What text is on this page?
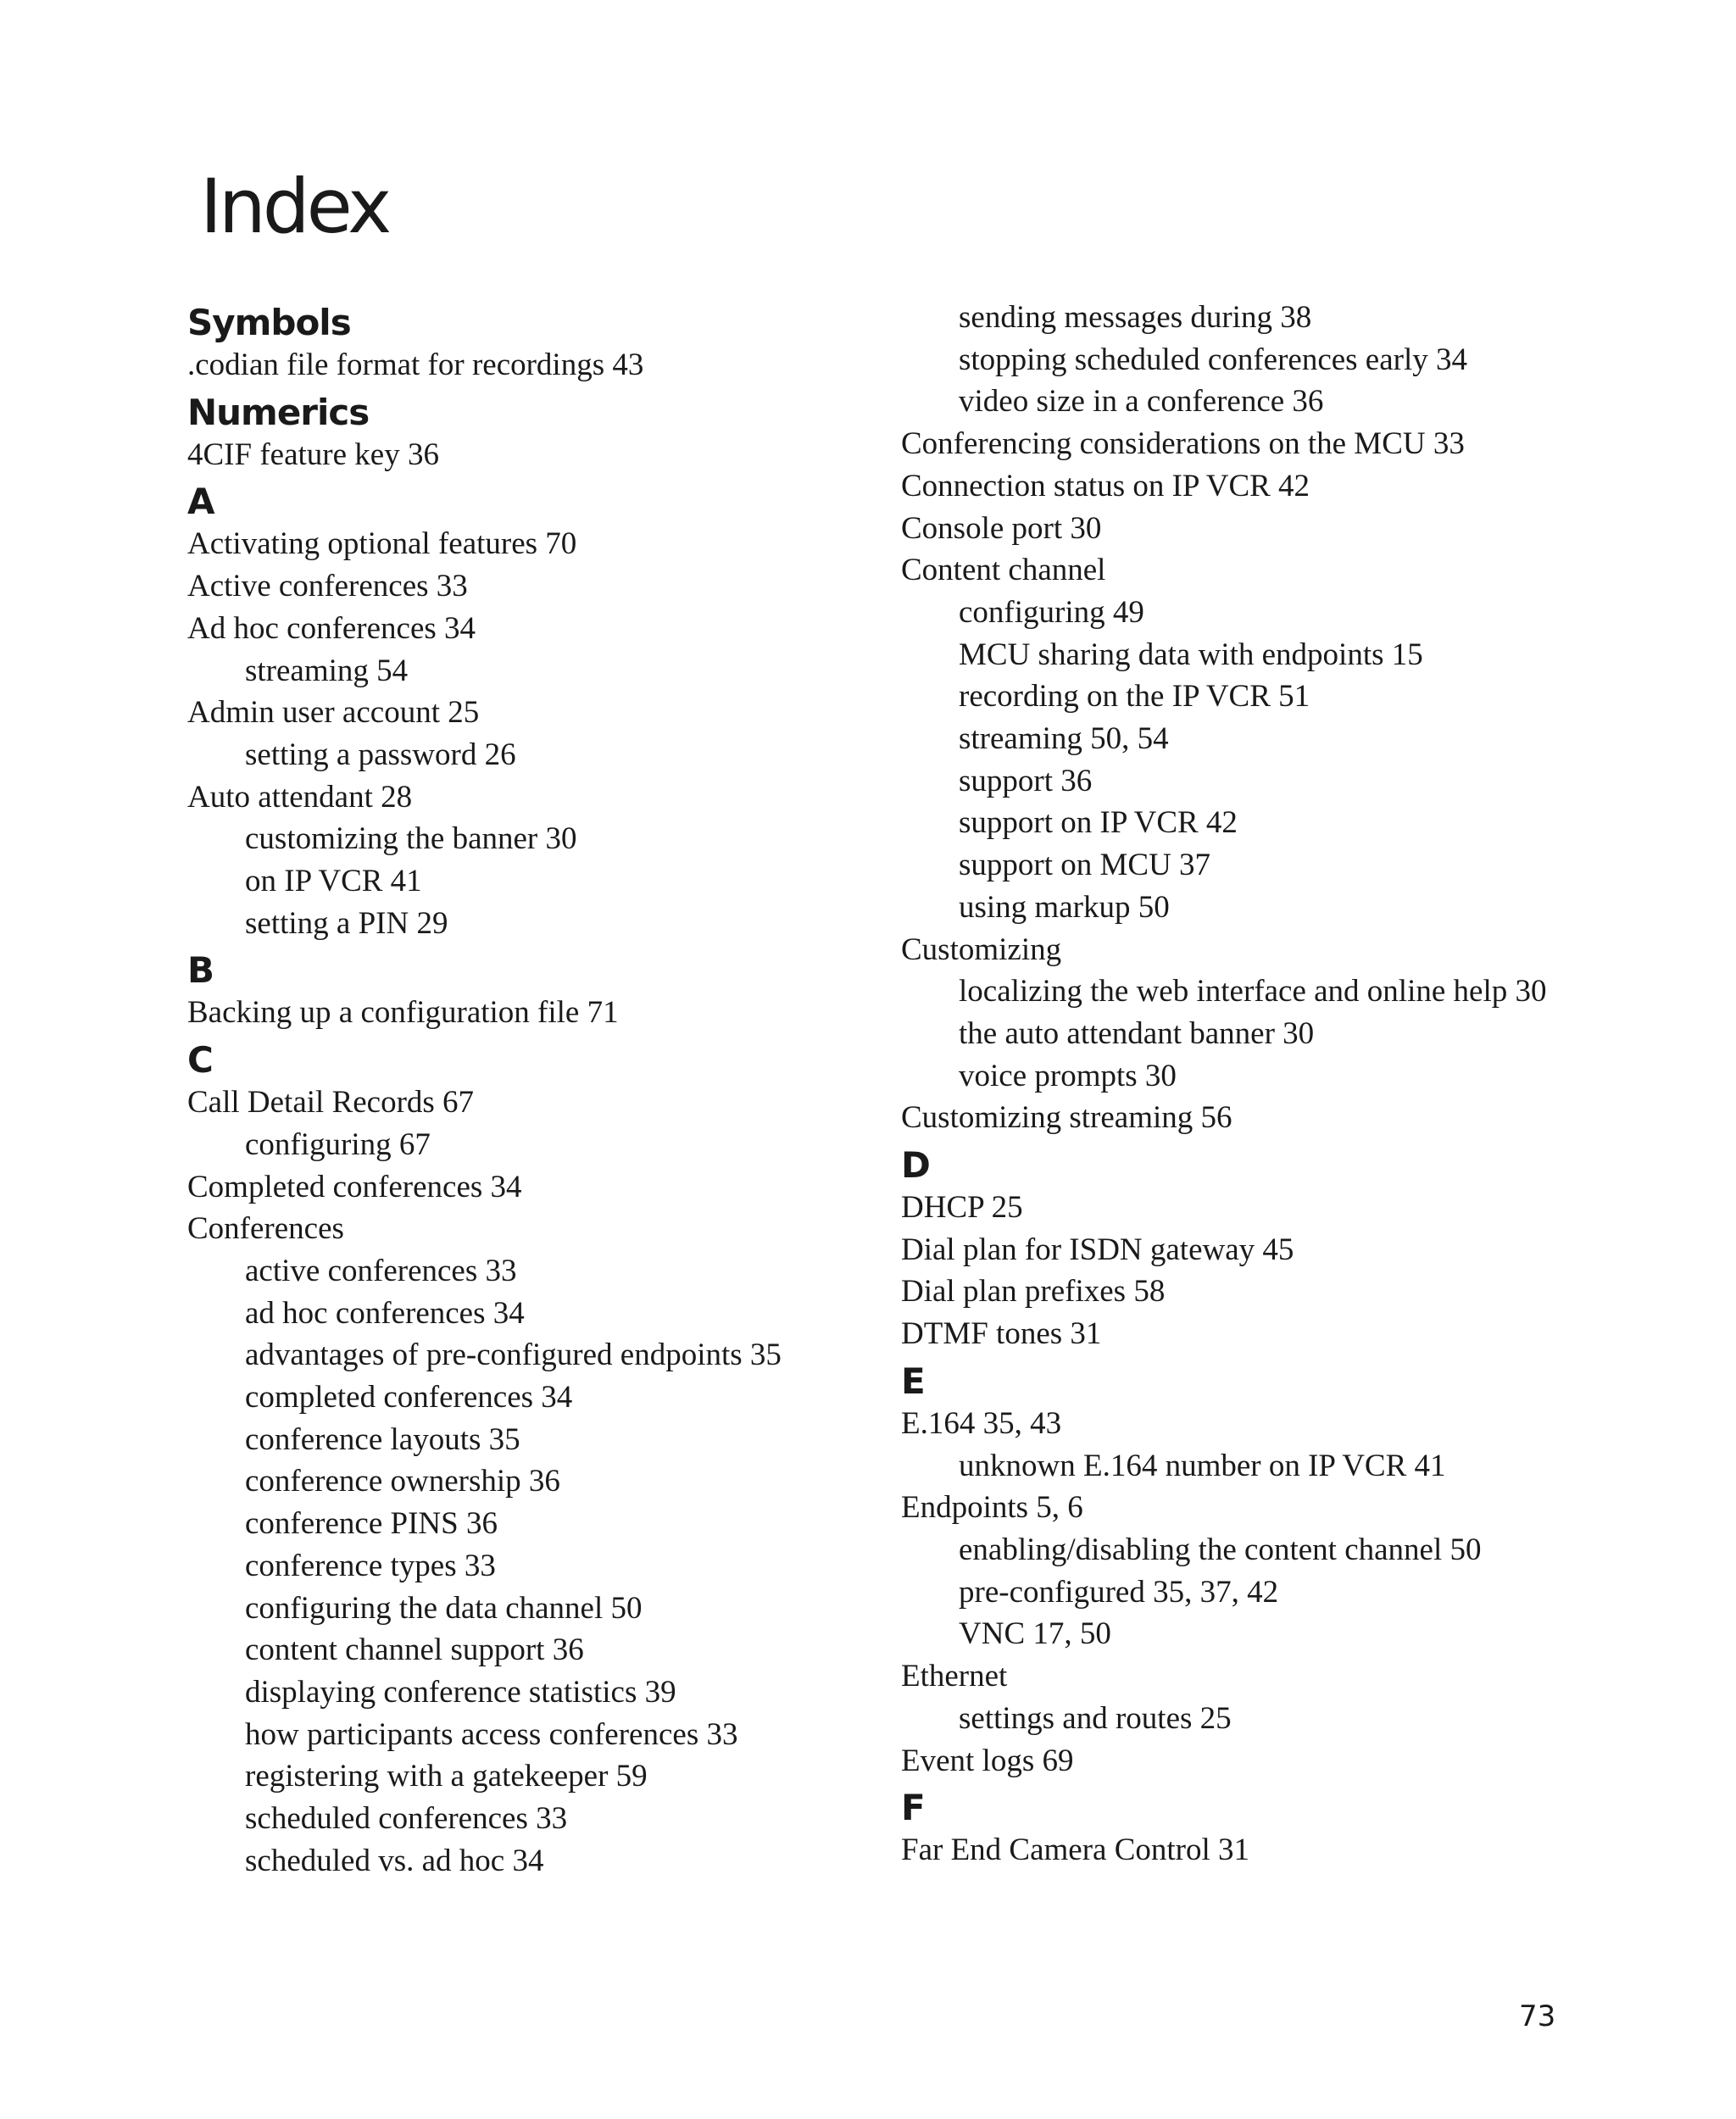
Index
Symbols
.codian file format for recordings 43
Numerics
4CIF feature key 36
A
Activating optional features 70
Active conferences 33
Ad hoc conferences 34
streaming 54
Admin user account 25
setting a password 26
Auto attendant 28
customizing the banner 30
on IP VCR 41
setting a PIN 29
B
Backing up a configuration file 71
C
Call Detail Records 67
configuring 67
Completed conferences 34
Conferences
active conferences 33
ad hoc conferences 34
advantages of pre-configured endpoints 35
completed conferences 34
conference layouts 35
conference ownership 36
conference PINS 36
conference types 33
configuring the data channel 50
content channel support 36
displaying conference statistics 39
how participants access conferences 33
registering with a gatekeeper 59
scheduled conferences 33
scheduled vs. ad hoc 34
sending messages during 38
stopping scheduled conferences early 34
video size in a conference 36
Conferencing considerations on the MCU 33
Connection status on IP VCR 42
Console port 30
Content channel
configuring 49
MCU sharing data with endpoints 15
recording on the IP VCR 51
streaming 50, 54
support 36
support on IP VCR 42
support on MCU 37
using markup 50
Customizing
localizing the web interface and online help 30
the auto attendant banner 30
voice prompts 30
Customizing streaming 56
D
DHCP 25
Dial plan for ISDN gateway 45
Dial plan prefixes 58
DTMF tones 31
E
E.164 35, 43
unknown E.164 number on IP VCR 41
Endpoints 5, 6
enabling/disabling the content channel 50
pre-configured 35, 37, 42
VNC 17, 50
Ethernet
settings and routes 25
Event logs 69
F
Far End Camera Control 31
73
